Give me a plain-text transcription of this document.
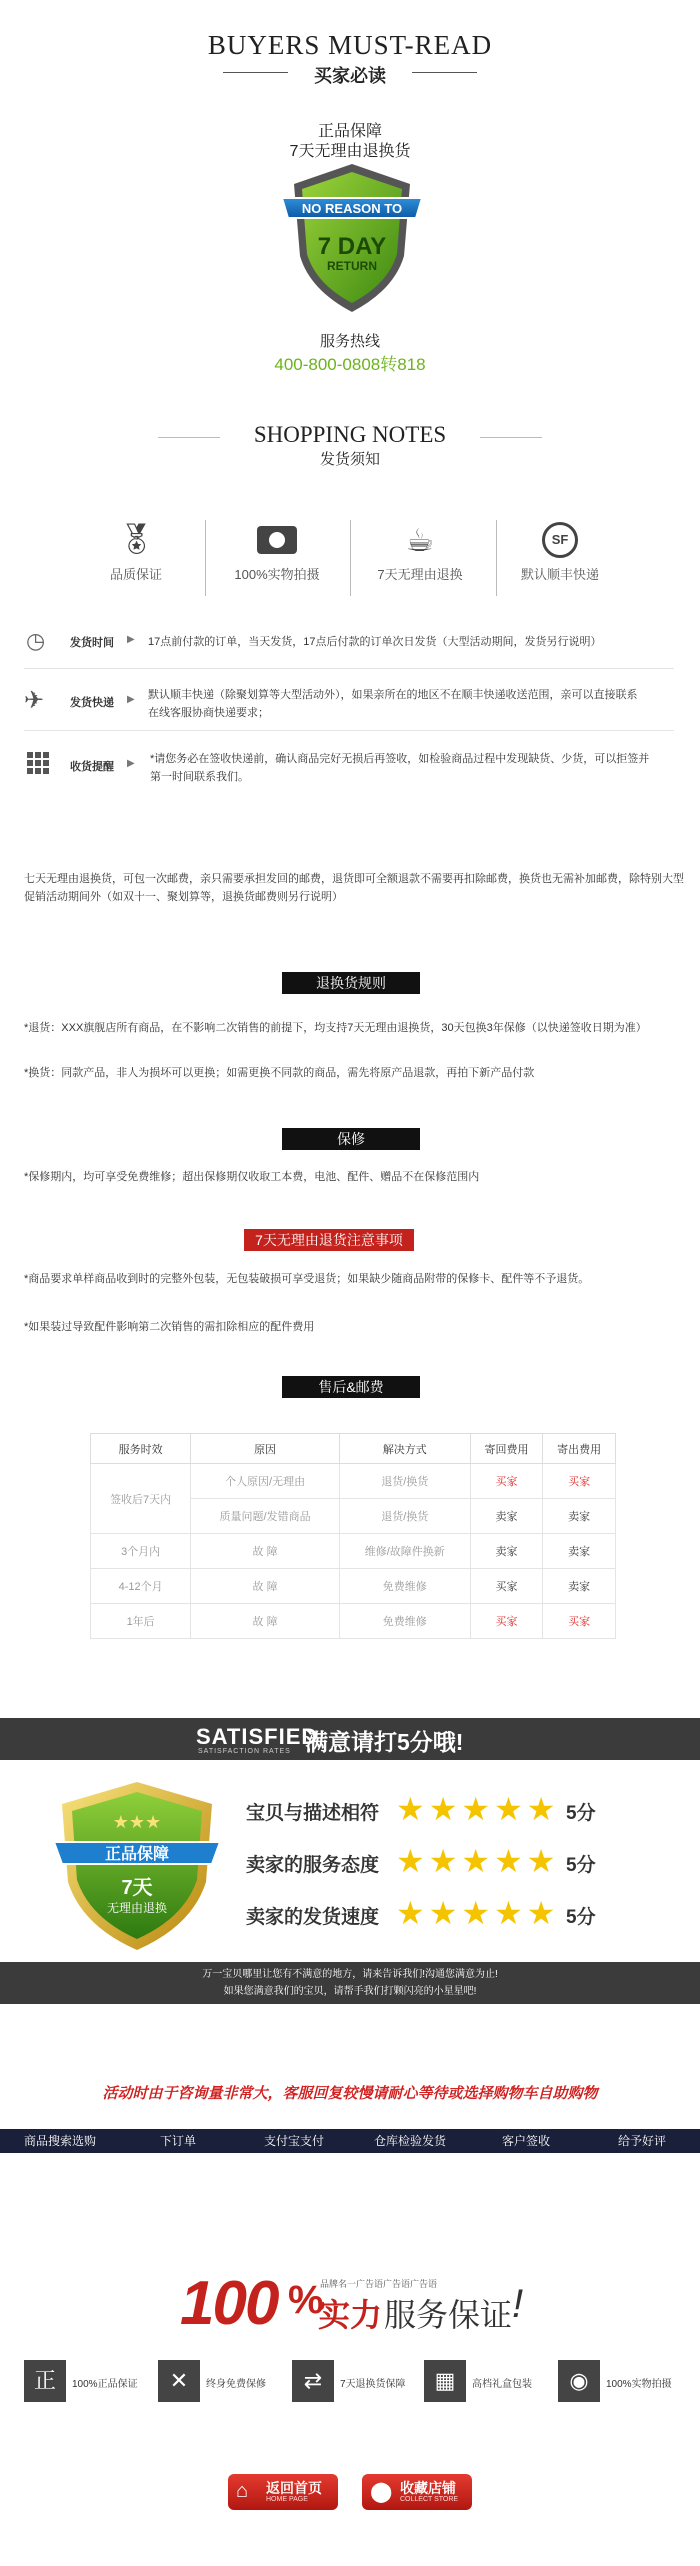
BUYERS MUST-READ
买家必读
正品保障
7天无理由退换货
NO REASON TO
7 DAY
RETURN
服务热线
400-800-0808转818
SHOPPING NOTES
发货须知
🏅︎
品质保证	100%实物拍摄
☕︎
7天无理由退换
SF
默认顺丰快递
◷ 发货时间 ▶ 17点前付款的订单，当天发货，17点后付款的订单次日发货（大型活动期间，发货另行说明）
✈︎ 发货快递 ▶ 默认顺丰快递（除聚划算等大型活动外），如果亲所在的地区不在顺丰快递收送范围，亲可以直接联系在线客服协商快递要求；
收货提醒 ▶ *请您务必在签收快递前，确认商品完好无损后再签收，如检验商品过程中发现缺货、少货，可以拒签并第一时间联系我们。
七天无理由退换货，可包一次邮费，亲只需要承担发回的邮费，退货即可全额退款不需要再扣除邮费，换货也无需补加邮费，除特别大型促销活动期间外（如双十一、聚划算等，退换货邮费则另行说明）
退换货规则
*退货：XXX旗舰店所有商品，在不影响二次销售的前提下，均支持7天无理由退换货，30天包换3年保修（以快递签收日期为准）
*换货：同款产品，非人为损坏可以更换；如需更换不同款的商品，需先将原产品退款，再拍下新产品付款
保修
*保修期内，均可享受免费维修；超出保修期仅收取工本费，电池、配件、赠品不在保修范围内
7天无理由退货注意事项
*商品要求单样商品收到时的完整外包装，无包装破损可享受退货；如果缺少随商品附带的保修卡、配件等不予退货。
*如果装过导致配件影响第二次销售的需扣除相应的配件费用
售后&邮费
服务时效	原因	解决方式	寄回费用	寄出费用
签收后7天内	个人原因/无理由	退货/换货	买家	买家
	质量问题/发错商品	退货/换货	卖家	卖家
3个月内	故 障	维修/故障件换新	卖家	卖家
4-12个月	故 障	免费维修	买家	卖家
1年后	故 障	免费维修	买家	买家
SATISFIED
SATISFACTION RATES 满意请打5分哦!
正品保障
7天
无理由退换
★★★	宝贝与描述相符 ★★★★★ 5分
卖家的服务态度 ★★★★★ 5分
卖家的发货速度 ★★★★★ 5分
万一宝贝哪里让您有不满意的地方，请来告诉我们!沟通您满意为止!
如果您满意我们的宝贝，请帮手我们打颗闪亮的小星星吧!
活动时由于咨询量非常大，客服回复较慢请耐心等待或选择购物车自助购物
商品搜索选购	下订单	支付宝支付	仓库检验发货	客户签收	给予好评
100 %
品牌名一广告语广告语广告语
实力 服务保证 !
正	100%正品保证	✕	终身免费保修	⇄	7天退换货保障	▦	高档礼盒包装	◉	100%实物拍摄
⌂ 返回首页
HOME PAGE	⬤ 收藏店铺
COLLECT STORE
